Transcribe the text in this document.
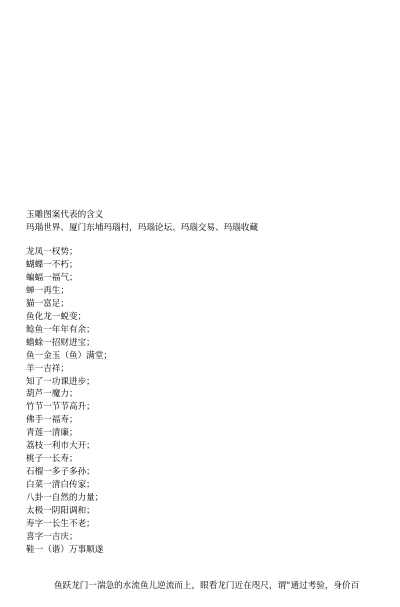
玉雕图案代表的含义

玛瑙世界、厦门东埔玛瑙村，玛瑙论坛、玛瑙交易、玛瑙收藏

龙凤一权势；
蝴蝶一不朽；
蝙蝠一福气；
蝉一再生；
猫一富足；
鱼化龙一蜕变；
鲶鱼一年年有余；
蟾蜍一招财进宝；
鱼一金玉（鱼）满堂；
羊一吉祥；
知了一功课进步；
葫芦一魔力；
竹节一节节高升；
佛手一福寿；
青莲一清廉；
荔枝一利市大开；
桃子一长寿；
石榴一多子多孙；
白菜一清白传家；
八卦一自然的力量；
太极一阴阳调和；
寿字一长生不老；
喜字一吉庆；
鞋一（谐）万事顺遂

鱼跃龙门一湍急的水流鱼儿逆流而上，眼看龙门近在咫尺，谓“通过考验，身价百
